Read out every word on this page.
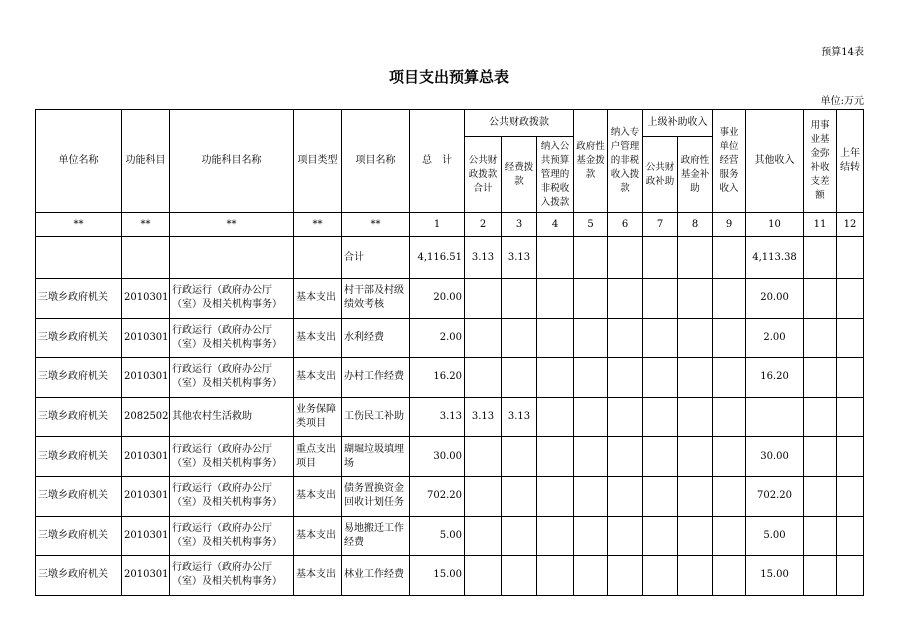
预算14表
项目支出预算总表
单位:万元
单位名称	功能科目	功能科目名称	项目类型	项目名称	总　计	公共财政拨款			政府性基金拨款	纳入专户管理的非税收入拨款	上级补助收入		事业单位经营服务收入	其他收入	用事业基金弥补收支差额	上年结转
						公共财政拨款合计	经费拨款	纳入公共预算管理的非税收入拨款			公共财政补助	政府性基金补助				
**	**	**	**	**	1	2	3	4	5	6	7	8	9	10	11	12
				合计	4,116.51	3.13	3.13							4,113.38		
三墩乡政府机关	2010301	行政运行（政府办公厅（室）及相关机构事务）	基本支出	村干部及村级绩效考核	20.00									20.00		
三墩乡政府机关	2010301	行政运行（政府办公厅（室）及相关机构事务）	基本支出	水利经费	2.00									2.00		
三墩乡政府机关	2010301	行政运行（政府办公厅（室）及相关机构事务）	基本支出	办村工作经费	16.20									16.20		
三墩乡政府机关	2082502	其他农村生活救助	业务保障类项目	工伤民工补助	3.13	3.13	3.13									
三墩乡政府机关	2010301	行政运行（政府办公厅（室）及相关机构事务）	重点支出项目	瑚堀垃圾填埋场	30.00									30.00		
三墩乡政府机关	2010301	行政运行（政府办公厅（室）及相关机构事务）	基本支出	债务置换资金回收计划任务	702.20									702.20		
三墩乡政府机关	2010301	行政运行（政府办公厅（室）及相关机构事务）	基本支出	易地搬迁工作经费	5.00									5.00		
三墩乡政府机关	2010301	行政运行（政府办公厅（室）及相关机构事务）	基本支出	林业工作经费	15.00									15.00		
